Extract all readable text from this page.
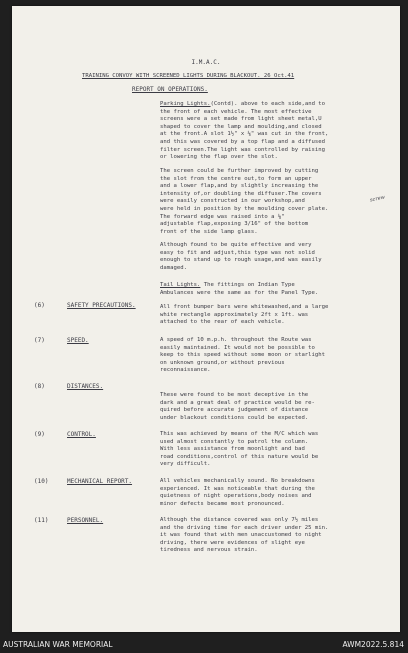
I.M.A.C.
TRAINING CONVOY WITH SCREENED LIGHTS DURING BLACKOUT. 26 Oct.41
REPORT ON OPERATIONS.
Parking Lights.(Contd). above to each side,and to
the front of each vehicle. The most effective
screens were a set made from light sheet metal,U
shaped to cover the lamp and moulding,and closed
at the front.A slot 1½" x ⅛" was cut in the front,
and this was covered by a top flap and a diffused
filter screen.The light was controlled by raising
or lowering the flap over the slot.
The screen could be further improved by cutting
the slot from the centre out,to form an upper
and a lower flap,and by slightly increasing the
intensity of,or doubling the diffuser.The covers
were easily constructed in our workshop,and
were held in position by the moulding cover plate.
The forward edge was raised into a ⅛"
adjustable flap,exposing 3/16" of the bottom
front of the side lamp glass.
screw
Although found to be quite effective and very
easy to fit and adjust,this type was not solid
enough to stand up to rough usage,and was easily
damaged.
Tail Lights. The fittings on Indian Type
Ambulances were the same as for the Panel Type.
(6)	SAFETY PRECAUTIONS.	All front bumper bars were whitewashed,and a large
white rectangle approximately 2ft x 1ft. was
attached to the rear of each vehicle.
(7)	SPEED.	A speed of 10 m.p.h. throughout the Route was
easily maintained. It would not be possible to
keep to this speed without some moon or starlight
on unknown ground,or without previous
reconnaissance.
(8)	DISTANCES.
These were found to be most deceptive in the
dark and a great deal of practice would be re-
quired before accurate judgement of distance
under blackout conditions could be expected.
(9)	CONTROL.	This was achieved by means of the M/C which was
used almost constantly to patrol the column.
With less assistance from moonlight and bad
road conditions,control of this nature would be
very difficult.
(10)	MECHANICAL REPORT.	All vehicles mechanically sound. No breakdowns
experienced. It was noticeable that during the
quietness of night operations,body noises and
minor defects became most pronounced.
(11)	PERSONNEL.	Although the distance covered was only 7½ miles
and the driving time for each driver under 25 min.
it was found that with men unaccustomed to night
driving, there were evidences of slight eye
tiredness and nervous strain.
AUSTRALIAN WAR MEMORIAL	AWM2022.5.814
